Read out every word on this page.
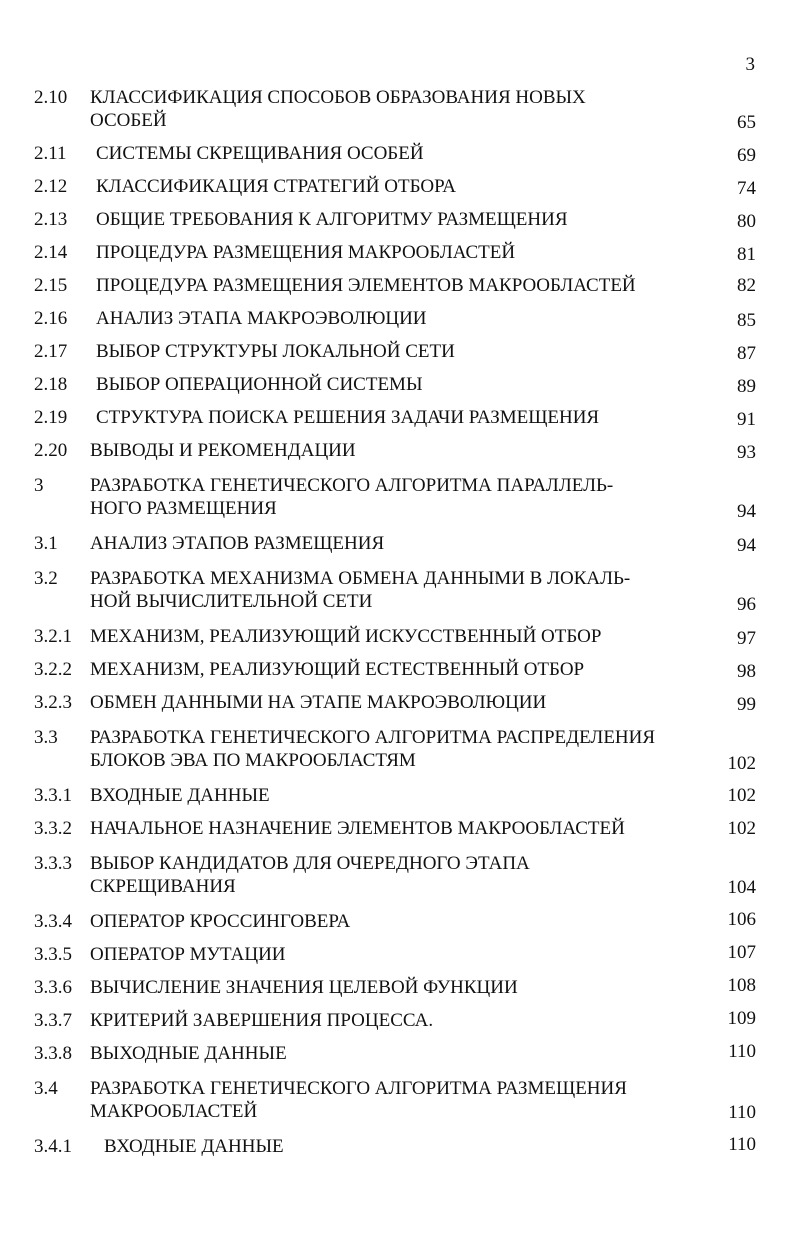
3
2.10 КЛАССИФИКАЦИЯ СПОСОБОВ ОБРАЗОВАНИЯ НОВЫХ
ОСОБЕЙ	65
2.11 СИСТЕМЫ СКРЕЩИВАНИЯ ОСОБЕЙ	69
2.12 КЛАССИФИКАЦИЯ СТРАТЕГИЙ ОТБОРА	74
2.13 ОБЩИЕ ТРЕБОВАНИЯ К АЛГОРИТМУ РАЗМЕЩЕНИЯ	80
2.14 ПРОЦЕДУРА РАЗМЕЩЕНИЯ МАКРООБЛАСТЕЙ	81
2.15 ПРОЦЕДУРА РАЗМЕЩЕНИЯ ЭЛЕМЕНТОВ МАКРООБЛАСТЕЙ	82
2.16 АНАЛИЗ ЭТАПА МАКРОЭВОЛЮЦИИ	85
2.17 ВЫБОР СТРУКТУРЫ ЛОКАЛЬНОЙ СЕТИ	87
2.18 ВЫБОР ОПЕРАЦИОННОЙ СИСТЕМЫ	89
2.19 СТРУКТУРА ПОИСКА РЕШЕНИЯ ЗАДАЧИ РАЗМЕЩЕНИЯ	91
2.20 ВЫВОДЫ И РЕКОМЕНДАЦИИ	93
3 РАЗРАБОТКА ГЕНЕТИЧЕСКОГО АЛГОРИТМА ПАРАЛЛЕЛЬ-
НОГО РАЗМЕЩЕНИЯ	94
3.1 АНАЛИЗ ЭТАПОВ РАЗМЕЩЕНИЯ	94
3.2 РАЗРАБОТКА МЕХАНИЗМА ОБМЕНА ДАННЫМИ В ЛОКАЛЬ-
НОЙ ВЫЧИСЛИТЕЛЬНОЙ СЕТИ	96
3.2.1 МЕХАНИЗМ, РЕАЛИЗУЮЩИЙ ИСКУССТВЕННЫЙ ОТБОР	97
3.2.2 МЕХАНИЗМ, РЕАЛИЗУЮЩИЙ ЕСТЕСТВЕННЫЙ ОТБОР	98
3.2.3 ОБМЕН ДАННЫМИ НА ЭТАПЕ МАКРОЭВОЛЮЦИИ	99
3.3 РАЗРАБОТКА ГЕНЕТИЧЕСКОГО АЛГОРИТМА РАСПРЕДЕЛЕНИЯ
БЛОКОВ ЭВА ПО МАКРООБЛАСТЯМ	102
3.3.1 ВХОДНЫЕ ДАННЫЕ	102
3.3.2 НАЧАЛЬНОЕ НАЗНАЧЕНИЕ ЭЛЕМЕНТОВ МАКРООБЛАСТЕЙ	102
3.3.3 ВЫБОР КАНДИДАТОВ ДЛЯ ОЧЕРЕДНОГО ЭТАПА
СКРЕЩИВАНИЯ	104
3.3.4 ОПЕРАТОР КРОССИНГОВЕРА	106
3.3.5 ОПЕРАТОР МУТАЦИИ	107
3.3.6 ВЫЧИСЛЕНИЕ ЗНАЧЕНИЯ ЦЕЛЕВОЙ ФУНКЦИИ	108
3.3.7 КРИТЕРИЙ ЗАВЕРШЕНИЯ ПРОЦЕССА.	109
3.3.8 ВЫХОДНЫЕ ДАННЫЕ	110
3.4 РАЗРАБОТКА ГЕНЕТИЧЕСКОГО АЛГОРИТМА РАЗМЕЩЕНИЯ
МАКРООБЛАСТЕЙ	110
3.4.1 ВХОДНЫЕ ДАННЫЕ	110
